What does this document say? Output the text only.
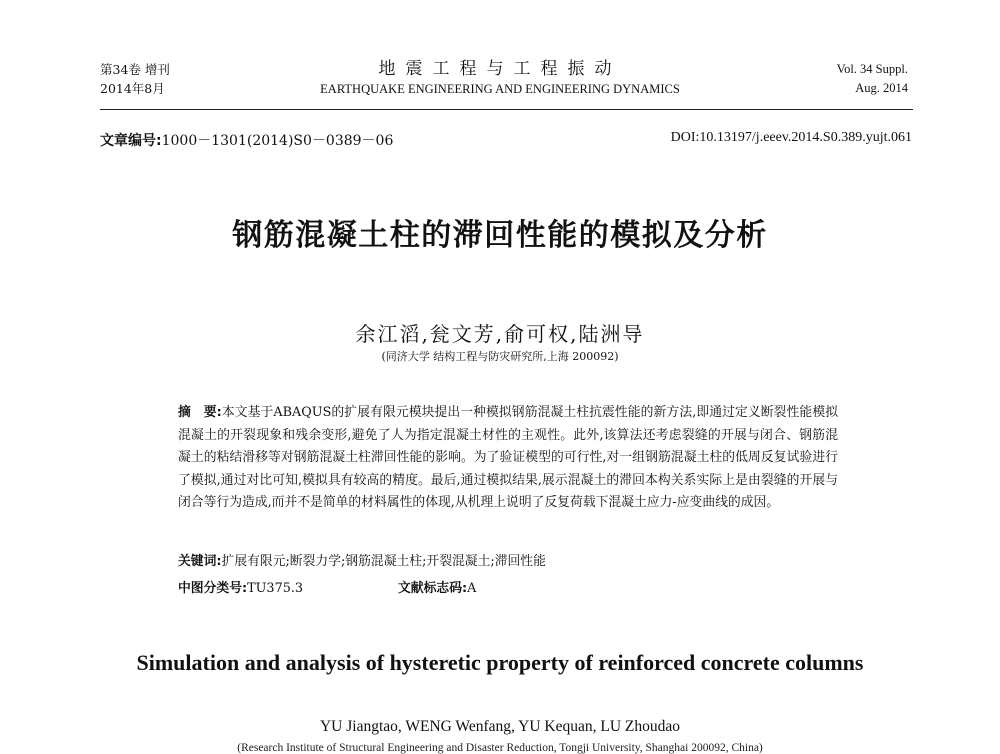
第34卷 增刊
2014年8月
地震工程与工程振动
EARTHQUAKE ENGINEERING AND ENGINEERING DYNAMICS
Vol. 34 Suppl.
Aug. 2014
文章编号:1000－1301(2014)S0－0389－06	DOI:10.13197/j.eeev.2014.S0.389.yujt.061
钢筋混凝土柱的滞回性能的模拟及分析
余江滔,瓮文芳,俞可权,陆洲导
(同济大学 结构工程与防灾研究所,上海 200092)
摘　要:本文基于ABAQUS的扩展有限元模块提出一种模拟钢筋混凝土柱抗震性能的新方法,即通过定义断裂性能模拟混凝土的开裂现象和残余变形,避免了人为指定混凝土材性的主观性。此外,该算法还考虑裂缝的开展与闭合、钢筋混凝土的粘结滑移等对钢筋混凝土柱滞回性能的影响。为了验证模型的可行性,对一组钢筋混凝土柱的低周反复试验进行了模拟,通过对比可知,模拟具有较高的精度。最后,通过模拟结果,展示混凝土的滞回本构关系实际上是由裂缝的开展与闭合等行为造成,而并不是简单的材料属性的体现,从机理上说明了反复荷载下混凝土应力-应变曲线的成因。
关键词:扩展有限元;断裂力学;钢筋混凝土柱;开裂混凝土;滞回性能
中图分类号:TU375.3	文献标志码:A
Simulation and analysis of hysteretic property of reinforced concrete columns
YU Jiangtao, WENG Wenfang, YU Kequan, LU Zhoudao
(Research Institute of Structural Engineering and Disaster Reduction, Tongji University, Shanghai 200092, China)
